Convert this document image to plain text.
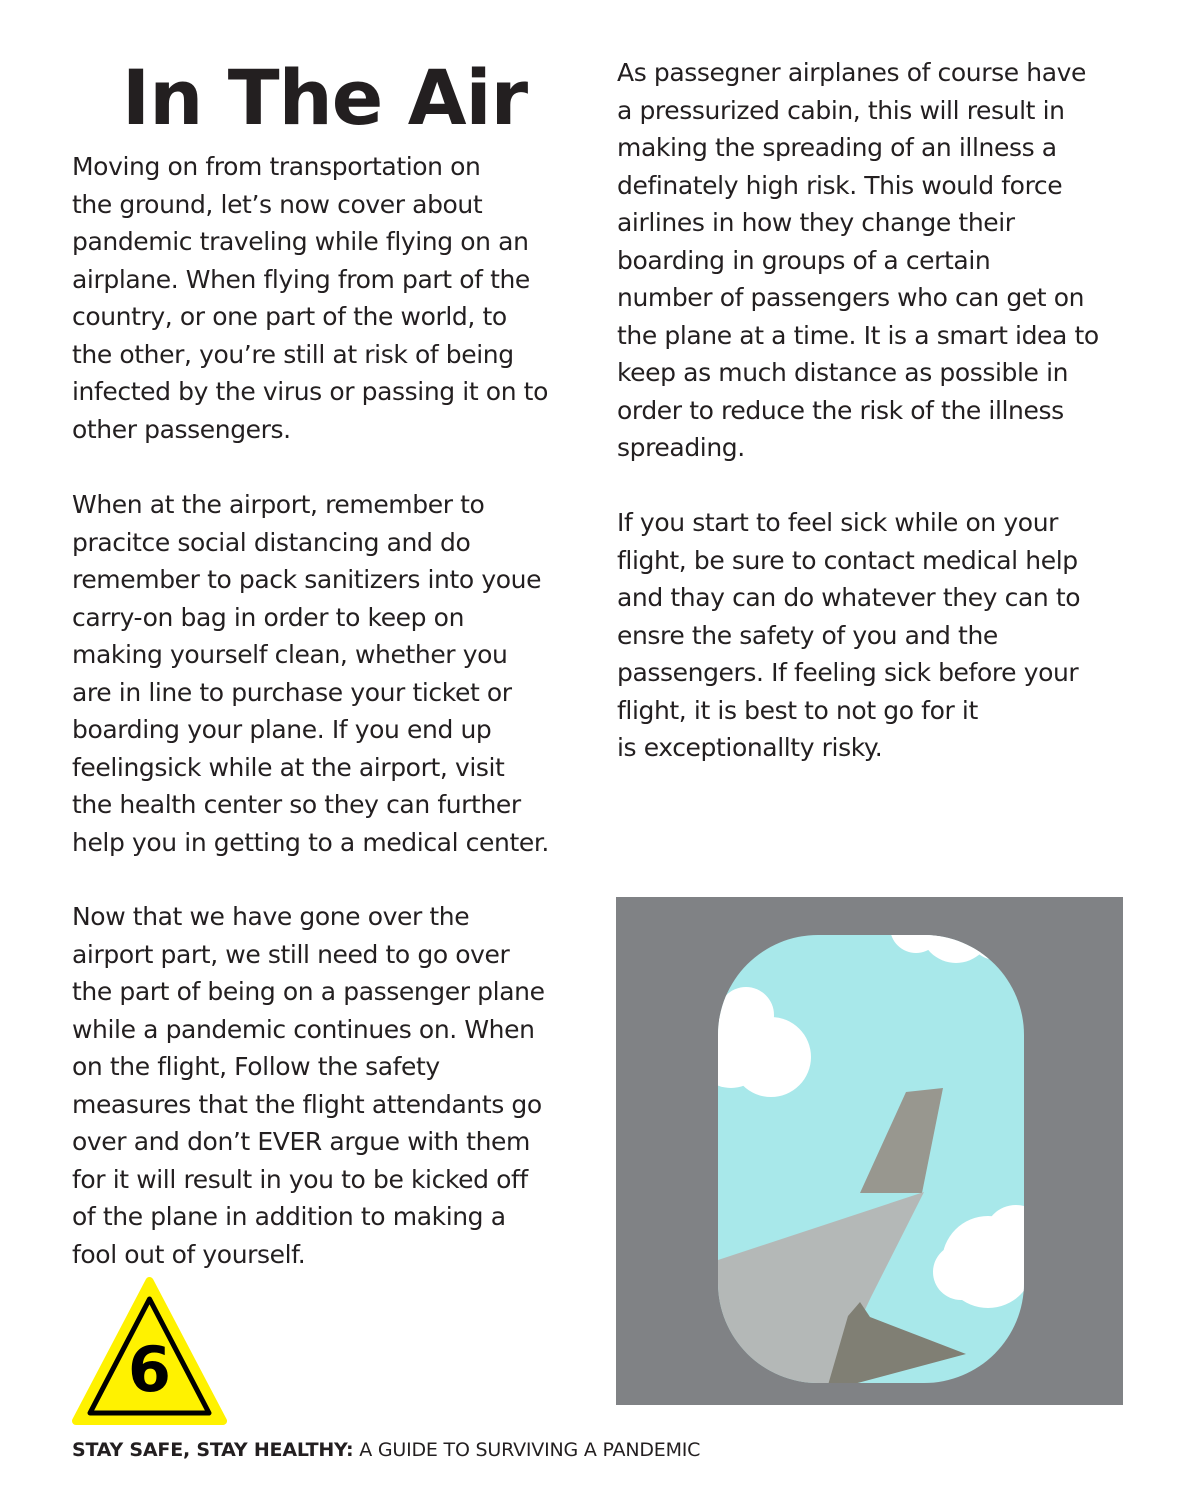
In The Air

Moving on from transportation on
the ground, let’s now cover about
pandemic traveling while flying on an
airplane. When flying from part of the
country, or one part of the world, to
the other, you’re still at risk of being
infected by the virus or passing it on to
other passengers.

When at the airport, remember to
pracitce social distancing and do
remember to pack sanitizers into youe
carry-on bag in order to keep on
making yourself clean, whether you
are in line to purchase your ticket or
boarding your plane. If you end up
feelingsick while at the airport, visit
the health center so they can further
help you in getting to a medical center.

Now that we have gone over the
airport part, we still need to go over
the part of being on a passenger plane
while a pandemic continues on. When
on the flight, Follow the safety
measures that the flight attendants go
over and don’t EVER argue with them
for it will result in you to be kicked off
of the plane in addition to making a
fool out of yourself.

As passegner airplanes of course have
a pressurized cabin, this will result in
making the spreading of an illness a
definately high risk. This would force
airlines in how they change their
boarding in groups of a certain
number of passengers who can get on
the plane at a time. It is a smart idea to
keep as much distance as possible in
order to reduce the risk of the illness
spreading.

If you start to feel sick while on your
flight, be sure to contact medical help
and thay can do whatever they can to
ensre the safety of you and the
passengers. If feeling sick before your
flight, it is best to not go for it
is exceptionallty risky.

6

STAY SAFE, STAY HEALTHY: A GUIDE TO SURVIVING A PANDEMIC
